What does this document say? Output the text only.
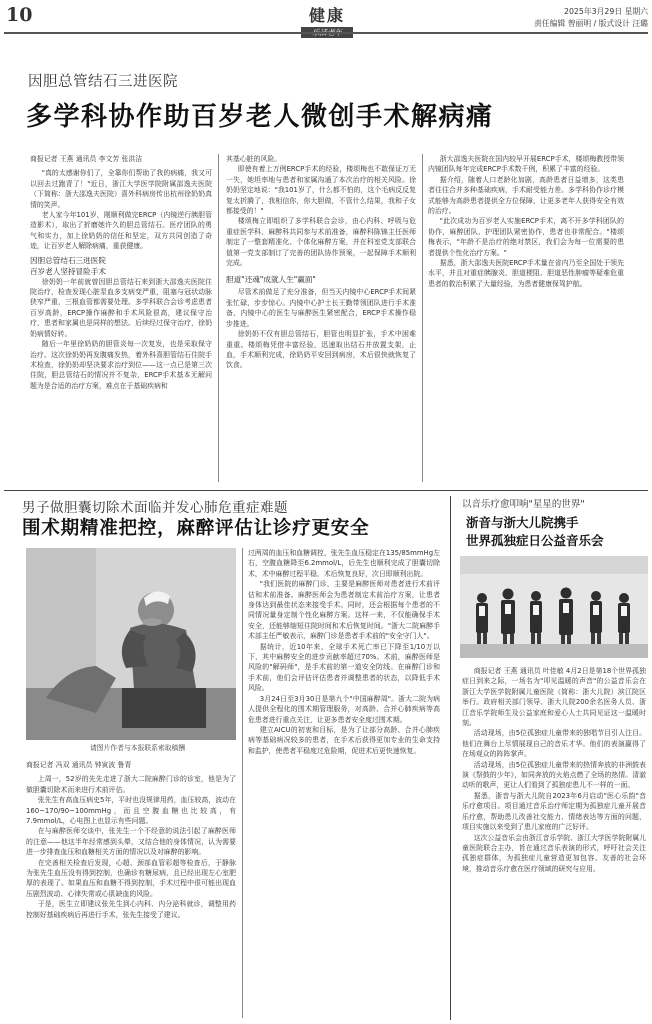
10	健康	2025年3月29日 星期六
责任编辑 曾丽明 / 版式设计 汪璐
因胆总管结石三进医院
多学科协作助百岁老人微创手术解病痛

商报记者 王燕 通讯员 李文芳 张洪洁

"真的太感谢你们了，全靠你们帮助了我的病痛，我又可以回去过跑青了！"近日，浙江大学医学院附属邵逸夫医院（下简称：浙大邵逸夫医院）喜外科病房传出杭州徐奶奶真情的笑声。

老人家今年101岁，刚顺利做完ERCP（内镜逆行胰胆管造影术），取出了折磨她许久的胆总管结石。医疗团队的勇气和实力，加上徐奶奶的信任和坚定，双方共同创造了奇迹，让百岁老人解除病痛，重获健康。

因胆总管结石三进医院
百岁老人坚持冒险手术

徐奶奶一年前就曾因胆总管结石来到浙大邵逸夫医院住院治疗，检查发现心脏泵血多支病变严重，阻塞与冠状动脉狭窄严重，三根血管都需要处理。多学科联合会诊考虑患者百岁高龄，ERCP操作麻醉和手术风险很高，建议保守治疗，患者和家属也是同样的想法。后续经过保守治疗，徐奶奶病情好转。

随后一年里徐奶奶的胆管炎每一次复发，也是采取保守治疗。这次徐奶奶再发腹痛发热，着外科喜胆管结石住院手术检查，徐奶奶却坚决要求治疗到位——这一点已是第三次住院，胆总管结石的情况并不复杂，ERCP手术基本无解问题为是合适的治疗方案，难点在于基础疾病和

其基心脏的风险。

即使有着上万例ERCP手术的经验，楼颂梅也不敢保证万无一失，她坦率地与患者和家属沟通了本次治疗的相关风险。徐奶奶坚定地说："我101岁了，什么都不怕的，这个毛病反反复复太折腾了，我相信你，你大胆做，不管什么结果，我和子女都接受的！"

楼颂梅立即组织了多学科联合会诊，由心内科、呼吸与危重症医学科、麻醉科共同参与术前准备，麻醉科陈锦主任医师制定了一整套精准化、个体化麻醉方案，并在科室党支部联合值第一党支部制订了完善的团队协作预案，一起保障手术顺利完成。

胆道"还魂"成就人生"赢面"

尽管术前做足了充分准备，但当天内镜中心ERCP手术间紧张忙碌，步步惊心。内镜中心护士长王勤带领团队进行手术准备，内镜中心的医生与麻醉医生紧密配合，ERCP手术操作稳步推进。

徐奶奶不仅有胆总管结石，胆管也明显扩张，手术中困难重重。楼颂梅凭借丰富经验，迅速取出结石并放置支架，止血，手术顺利完成，徐奶奶平安回到病房，术后很快就恢复了饮食。

浙大邵逸夫医院在国内较早开展ERCP手术，楼颂梅教授带领内镜团队每年完成ERCP手术数千例，积累了丰富的经验。

据介绍，随着人口老龄化加剧，高龄患者日益增多，这类患者往往合并多种基础疾病，手术耐受能力差。多学科协作诊疗模式能够为高龄患者提供全方位保障，让更多老年人获得安全有效的治疗。

"此次成功为百岁老人实施ERCP手术，离不开多学科团队的协作，麻醉团队、护理团队紧密协作，患者也非常配合。"楼颂梅表示，"年龄不是治疗的绝对禁区，我们会为每一位需要的患者提供个性化治疗方案。"

据悉，浙大邵逸夫医院ERCP手术量在省内乃至全国处于领先水平，并且对重症胰腺炎、胆道梗阻、胆道恶性肿瘤等疑难危重患者的救治积累了大量经验，为患者健康保驾护航。

男子做胆囊切除术面临并发心肺危重症难题
围术期精准把控，麻醉评估让诊疗更安全
请图片作者与本报联系索取稿酬

商报记者 冯双 通讯员 钟寅波 鲁青

上周一，52岁的先先走进了浙大二院麻醉门诊的诊室，他是为了做胆囊切除术而来进行术前评估。

张先生有高血压病史5年，平时也没规律用药，血压较高，波动在160~170/90~100mmHg，而且空腹血糖也比较高，有7.9mmol/L，心电图上也显示有些问题。

在与麻醉医师交谈中，张先生一个不经意的说法引起了麻醉医师的注意——他这半年经常感到头晕，又结合他的身体情况，认为需要进一步排查血压和血糖相关方面的情况以及对麻醉的影响。

在完善相关检查后发现，心超、颈部血管彩超等检查后，于静脉为张先生血压没有得到控制，也确诊有糖尿病，且已经出现左心室肥厚的表现了。如果血压和血糖不得到控制，手术过程中很可能出现血压剧烈波动、心律失常或心肌缺血的风险。

于是，医生立即建议张先生到心内科、内分泌科就诊，调整用药控制好基础疾病后再进行手术，张先生接受了建议。

过两周的血压和血糖调控，张先生血压稳定在135/85mmHg左右，空腹血糖降至6.2mmol/L，后先生也顺利完成了胆囊切除术，术中麻醉过程平稳，术后恢复良好，次日即顺利出院。

"我们医院的麻醉门诊，主要是麻醉医师对患者进行术前评估和术前准备。麻醉医师会为患者制定术前治疗方案，让患者身体达到最佳状态来接受手术。同时，还会根据每个患者的不同情况量身定制个性化麻醉方案。这样一来，不仅能确保手术安全，还能够缩短住院时间和术后恢复时间。"浙大二院麻醉手术部主任严敏表示，麻醉门诊是患者手术前的"安全守门人"。

据统计，近10年来，全球手术死亡率已下降至1/10万以下，其中麻醉安全的进步贡献率超过70%。术前，麻醉医师是风险的"解码师"，是手术前的第一道安全防线。在麻醉门诊和手术前，他们会评估评估患者并调整患者的状态，以降低手术风险。

3月24日至3月30日是第九个"中国麻醉周"。浙大二院为病人提供全程化的围术期管理服务，对高龄、合并心肺疾病等高危患者进行重点关注，让更多患者安全度过围术期。

建立AICU的初衷和目标，是为了让部分高龄、合并心肺疾病等基础病况较多的患者，在手术后获得更加专业的生命支持和监护，使患者平稳度过危险期，促进术后更快速恢复。

以音乐疗愈叩响"星星的世界"
浙音与浙大儿院携手
世界孤独症日公益音乐会

商报记者 王燕 通讯员 叶佳敏 4月2日是第18个世界孤独症日到来之际，一场名为"叩见温暖的声音"的公益音乐会在浙江大学医学院附属儿童医院（简称：浙大儿院）滨江院区举行。政府相关部门领导、浙大儿院200余名医务人员、浙江音乐学院师生及公益家庭和爱心人士共同见证这一温暖时刻。

活动现场，由5位孤独症儿童带来的独唱节目引人注目。他们在舞台上尽情展现自己的音乐才华。他们的表演赢得了在场观众的阵阵掌声。

活动现场，由5位孤独症儿童带来的热情奔放的非洲鼓表演《祭鼓的少年》，如同奔放的火焰点燃了全场的热情。清澈动听的歌声，更让人们看到了孤独症患儿不一样的一面。

据悉，浙音与浙大儿院自2023年6月启动"医心乐韵"音乐疗愈项目。项目通过音乐治疗师定期为孤独症儿童开展音乐疗愈，帮助患儿改善社交能力、情绪表达等方面的问题，项目实施以来受到了患儿家庭的广泛好评。

这次公益音乐会由浙江音乐学院、浙江大学医学院附属儿童医院联合主办，旨在通过音乐表演的形式，呼吁社会关注孤独症群体，为孤独症儿童营造更加包容、友善的社会环境，推动音乐疗愈在医疗领域的研究与应用。
